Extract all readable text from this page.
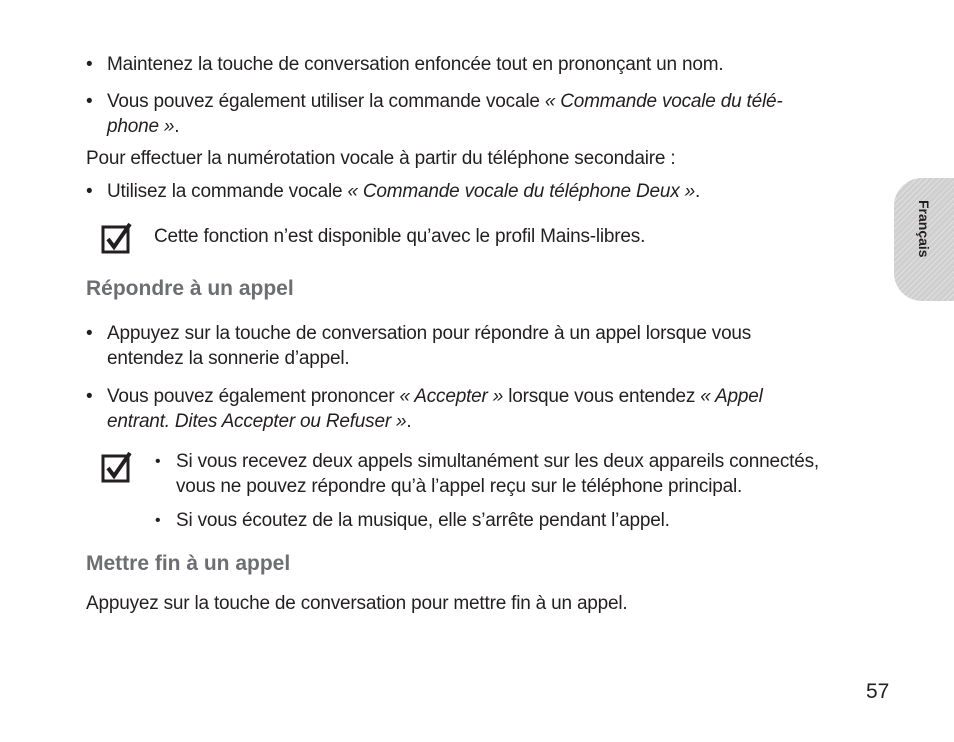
• Maintenez la touche de conversation enfoncée tout en prononçant un nom.
• Vous pouvez également utiliser la commande vocale « Commande vocale du télé-
phone ».
Pour effectuer la numérotation vocale à partir du téléphone secondaire :
• Utilisez la commande vocale « Commande vocale du téléphone Deux ».
Cette fonction n’est disponible qu’avec le profil Mains-libres.
Répondre à un appel
• Appuyez sur la touche de conversation pour répondre à un appel lorsque vous
entendez la sonnerie d’appel.
• Vous pouvez également prononcer « Accepter » lorsque vous entendez « Appel
entrant. Dites Accepter ou Refuser ».
• Si vous recevez deux appels simultanément sur les deux appareils connectés,
vous ne pouvez répondre qu’à l’appel reçu sur le téléphone principal.
• Si vous écoutez de la musique, elle s’arrête pendant l’appel.
Mettre fin à un appel
Appuyez sur la touche de conversation pour mettre fin à un appel.
Français
57
